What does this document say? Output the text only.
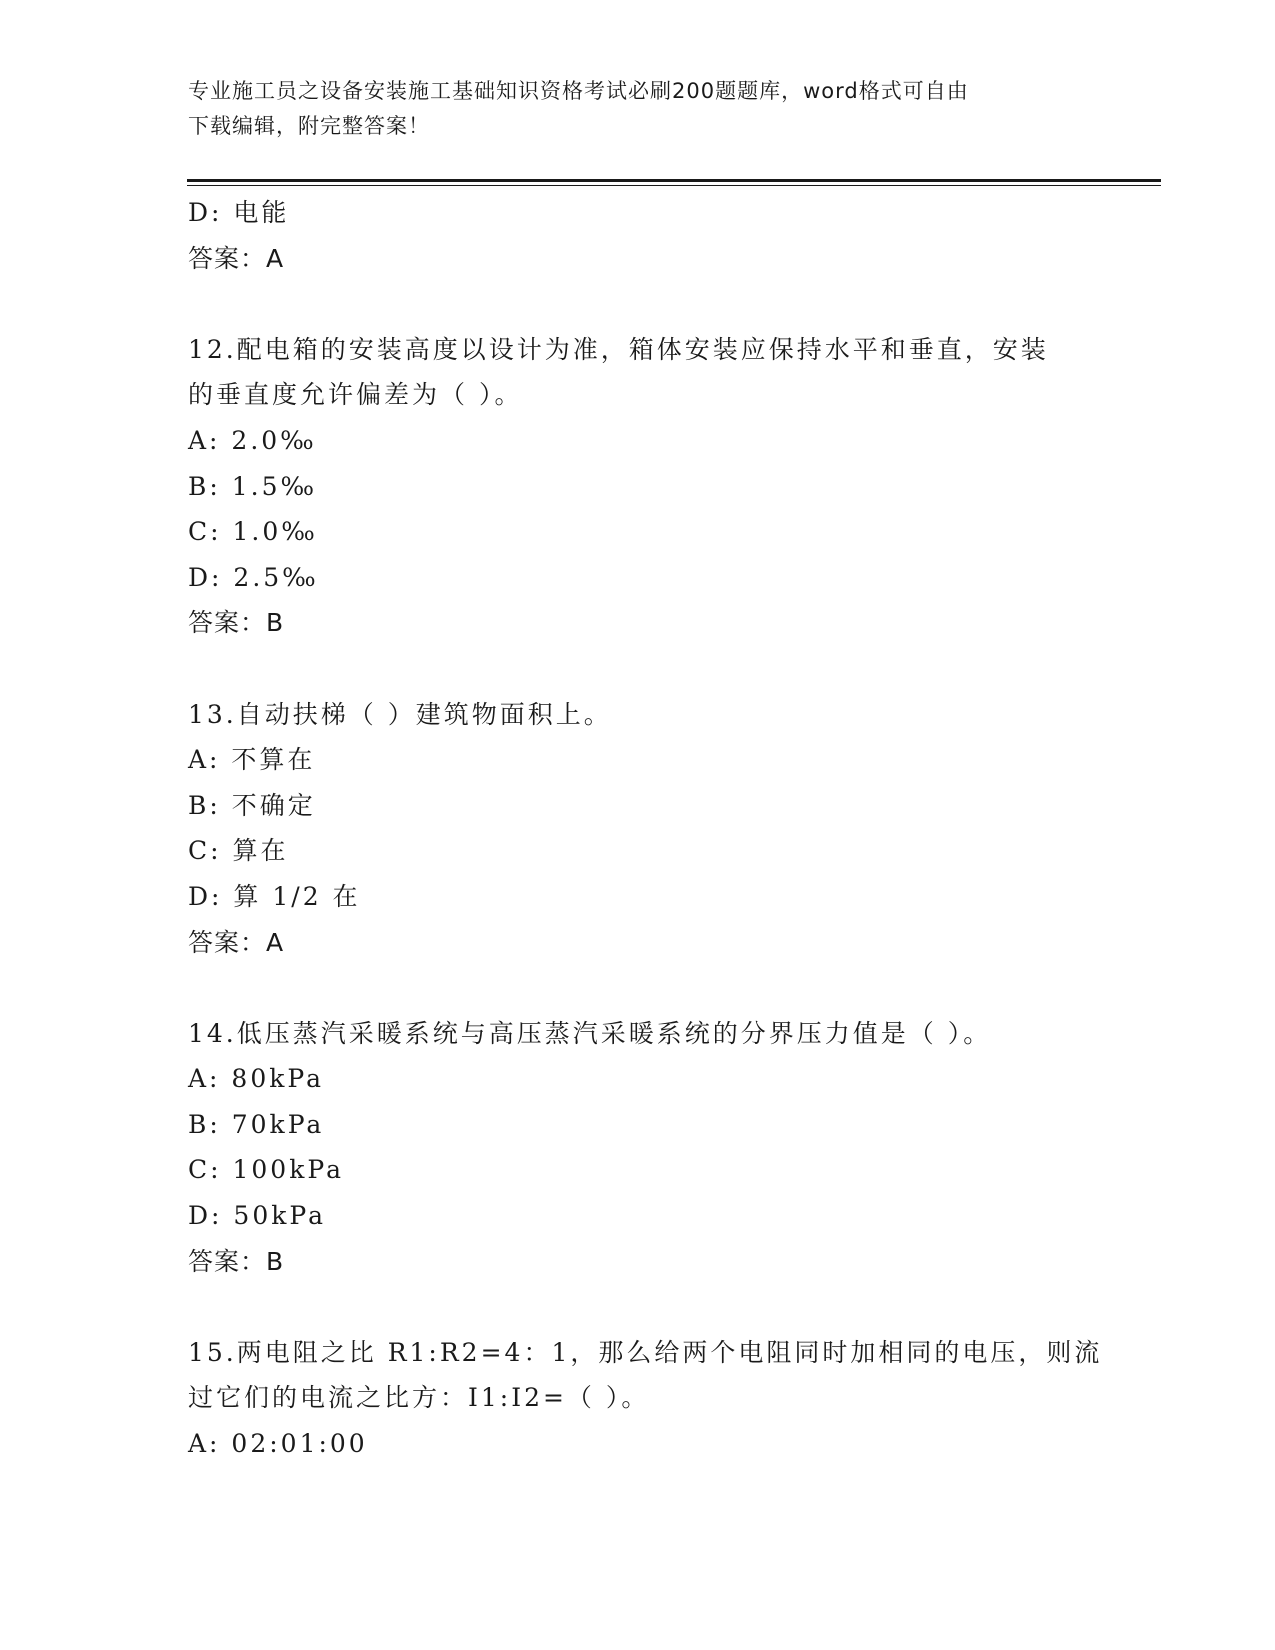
专业施工员之设备安装施工基础知识资格考试必刷200题题库，word格式可自由
下载编辑，附完整答案！
D: 电能
答案：A
12.配电箱的安装高度以设计为准，箱体安装应保持水平和垂直，安装
的垂直度允许偏差为（ ）。
A: 2.0‰
B: 1.5‰
C: 1.0‰
D: 2.5‰
答案：B
13.自动扶梯（ ）建筑物面积上。
A: 不算在
B: 不确定
C: 算在
D: 算 1/2 在
答案：A
14.低压蒸汽采暖系统与高压蒸汽采暖系统的分界压力值是（ ）。
A: 80kPa
B: 70kPa
C: 100kPa
D: 50kPa
答案：B
15.两电阻之比 R1:R2=4：1，那么给两个电阻同时加相同的电压，则流
过它们的电流之比方：I1:I2=（ ）。
A: 02:01:00
